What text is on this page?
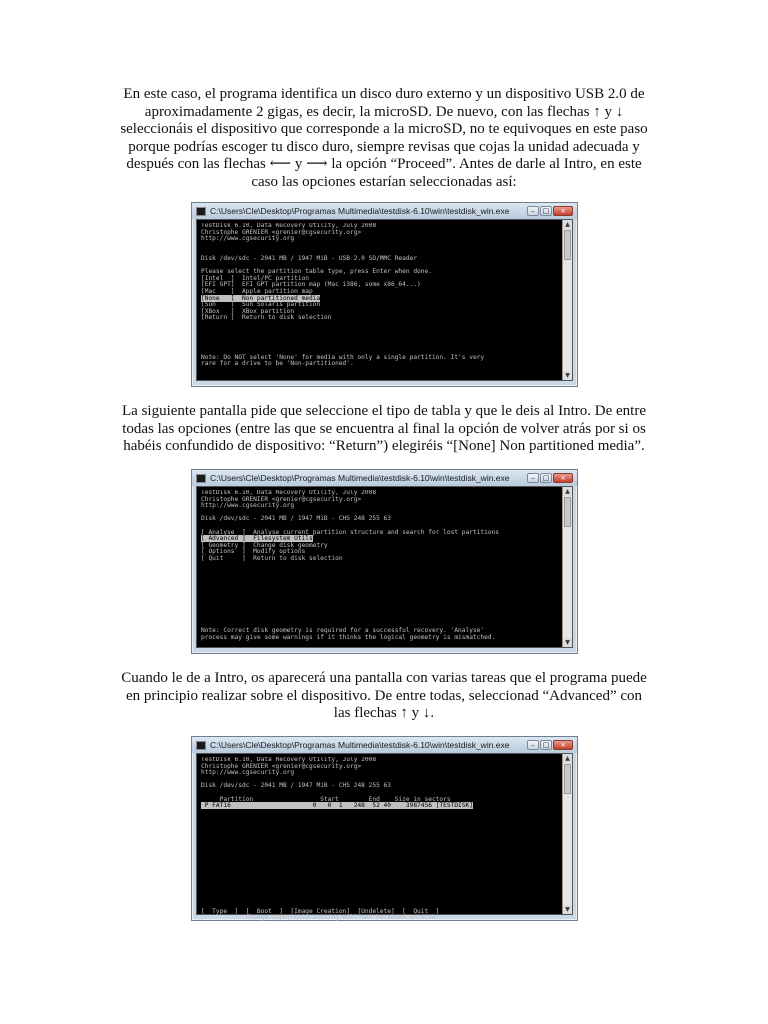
En este caso, el programa identifica un disco duro externo y un dispositivo USB 2.0 de
aproximadamente 2 gigas, es decir, la microSD. De nuevo, con las flechas ↑ y ↓
seleccionáis el dispositivo que corresponde a la microSD, no te equivoques en este paso
porque podrías escoger tu disco duro, siempre revisas que cojas la unidad adecuada y
después con las flechas ⟵ y ⟶ la opción “Proceed”. Antes de darle al Intro, en este
caso las opciones estarían seleccionadas así:

C:\Users\Cle\Desktop\Programas Multimedia\testdisk-6.10\win\testdisk_win.exe	–	□	×
TestDisk 6.10, Data Recovery Utility, July 2008
Christophe GRENIER <grenier@cgsecurity.org>
http://www.cgsecurity.org

Disk /dev/sdc - 2041 MB / 1947 MiB - USB 2.0 SD/MMC Reader

Please select the partition table type, press Enter when done.
[Intel  ]  Intel/PC partition
[EFI GPT]  EFI GPT partition map (Mac i386, some x86_64...)
[Mac    ]  Apple partition map
[None   ]  Non partitioned media
[Sun    ]  Sun Solaris partition
[XBox   ]  XBox partition
[Return ]  Return to disk selection

Note: Do NOT select 'None' for media with only a single partition. It's very
rare for a drive to be 'Non-partitioned'.
▲
▼

La siguiente pantalla pide que seleccione el tipo de tabla y que le deis al Intro. De entre
todas las opciones (entre las que se encuentra al final la opción de volver atrás por si os
habéis confundido de dispositivo: “Return”) elegiréis “[None] Non partitioned media”.

C:\Users\Cle\Desktop\Programas Multimedia\testdisk-6.10\win\testdisk_win.exe	–	□	×
TestDisk 6.10, Data Recovery Utility, July 2008
Christophe GRENIER <grenier@cgsecurity.org>
http://www.cgsecurity.org

Disk /dev/sdc - 2041 MB / 1947 MiB - CHS 248 255 63

[ Analyse  ]  Analyse current partition structure and search for lost partitions
[ Advanced ]  Filesystem Utils
[ Geometry ]  Change disk geometry
[ Options  ]  Modify options
[ Quit     ]  Return to disk selection

Note: Correct disk geometry is required for a successful recovery. 'Analyse'
process may give some warnings if it thinks the logical geometry is mismatched.
▲
▼

Cuando le de a Intro, os aparecerá una pantalla con varias tareas que el programa puede
en principio realizar sobre el dispositivo. De entre todas, seleccionad “Advanced” con
las flechas ↑ y ↓.

C:\Users\Cle\Desktop\Programas Multimedia\testdisk-6.10\win\testdisk_win.exe	–	□	×
TestDisk 6.10, Data Recovery Utility, July 2008
Christophe GRENIER <grenier@cgsecurity.org>
http://www.cgsecurity.org

Disk /dev/sdc - 2041 MB / 1947 MiB - CHS 248 255 63

Partition                  Start        End    Size in sectors
P FAT16                      0   0  1   248  52 40    3987456 [TESTDISK]

[  Type  ]  [  Boot  ]  [Image Creation]  [Undelete]  [  Quit  ]
Change type, this setting will not be saved on disk
▲
▼
